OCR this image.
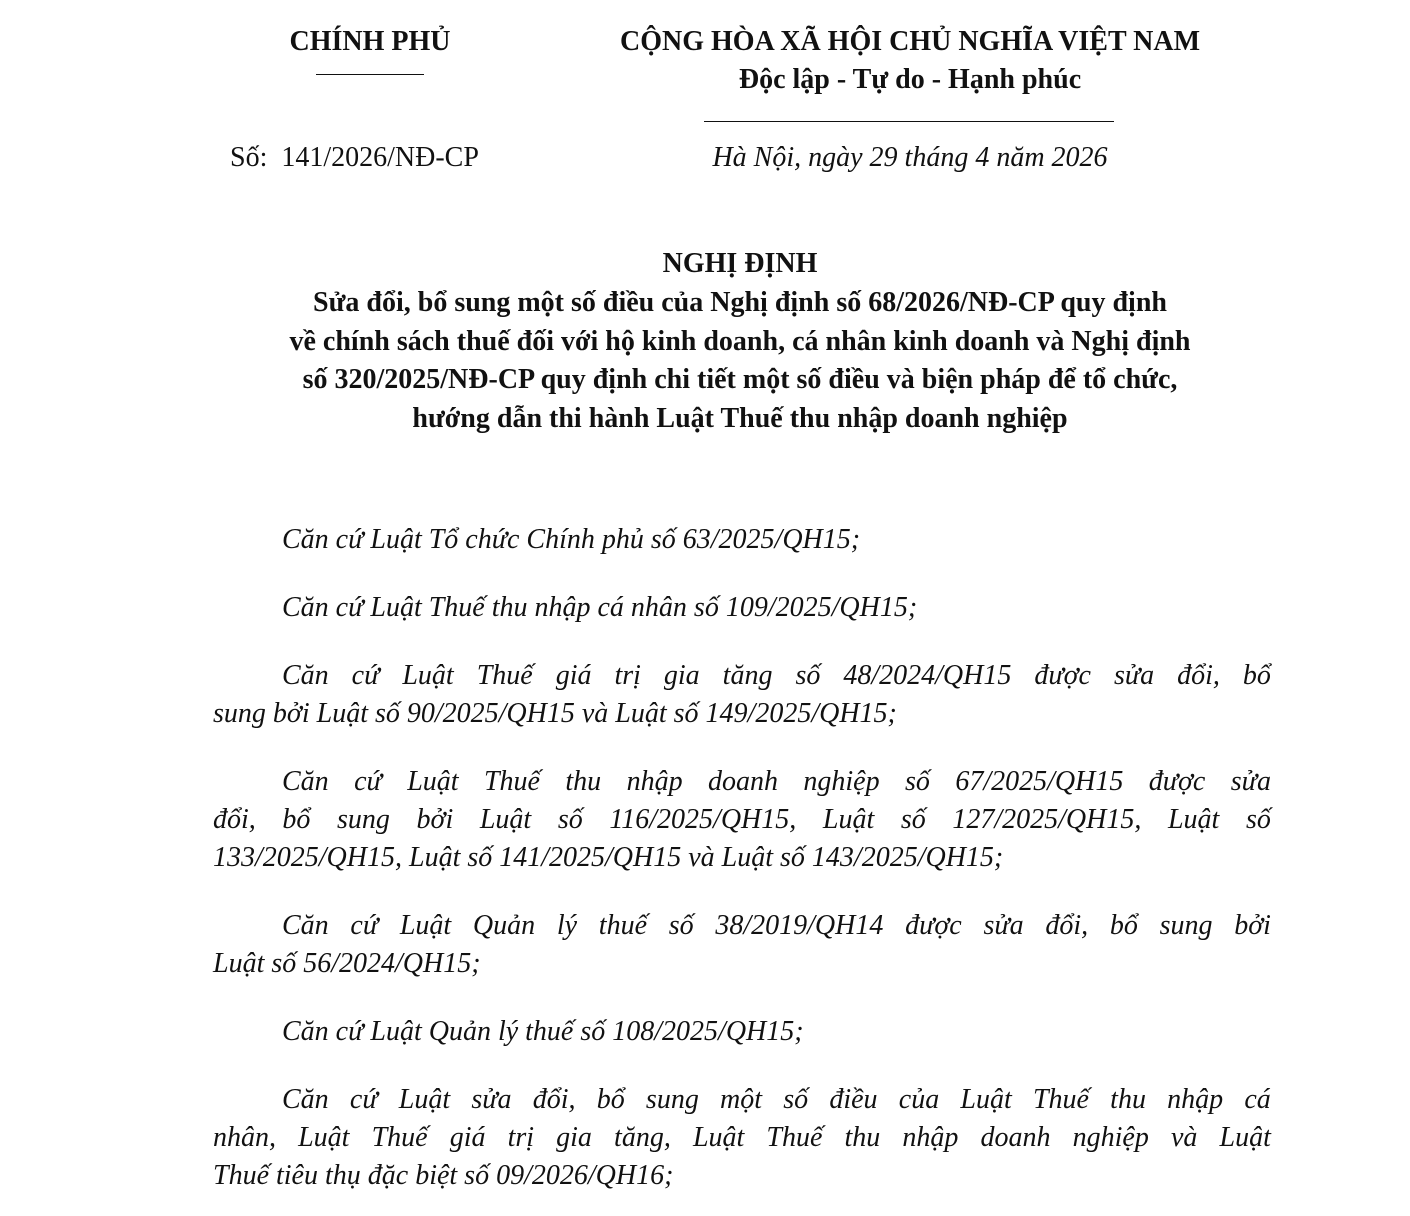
CHÍNH PHỦ	CỘNG HÒA XÃ HỘI CHỦ NGHĨA VIỆT NAM
Độc lập - Tự do - Hạnh phúc
Số:  141/2026/NĐ-CP	Hà Nội, ngày 29 tháng 4 năm 2026
NGHỊ ĐỊNH
Sửa đổi, bổ sung một số điều của Nghị định số 68/2026/NĐ-CP quy định
về chính sách thuế đối với hộ kinh doanh, cá nhân kinh doanh và Nghị định
số 320/2025/NĐ-CP quy định chi tiết một số điều và biện pháp để tổ chức,
hướng dẫn thi hành Luật Thuế thu nhập doanh nghiệp
Căn cứ Luật Tổ chức Chính phủ số 63/2025/QH15;
Căn cứ Luật Thuế thu nhập cá nhân số 109/2025/QH15;
Căn cứ Luật Thuế giá trị gia tăng số 48/2024/QH15 được sửa đổi, bổ
sung bởi Luật số 90/2025/QH15 và Luật số 149/2025/QH15;
Căn cứ Luật Thuế thu nhập doanh nghiệp số 67/2025/QH15 được sửa
đổi, bổ sung bởi Luật số 116/2025/QH15, Luật số 127/2025/QH15, Luật số
133/2025/QH15, Luật số 141/2025/QH15 và Luật số 143/2025/QH15;
Căn cứ Luật Quản lý thuế số 38/2019/QH14 được sửa đổi, bổ sung bởi
Luật số 56/2024/QH15;
Căn cứ Luật Quản lý thuế số 108/2025/QH15;
Căn cứ Luật sửa đổi, bổ sung một số điều của Luật Thuế thu nhập cá
nhân, Luật Thuế giá trị gia tăng, Luật Thuế thu nhập doanh nghiệp và Luật
Thuế tiêu thụ đặc biệt số 09/2026/QH16;
